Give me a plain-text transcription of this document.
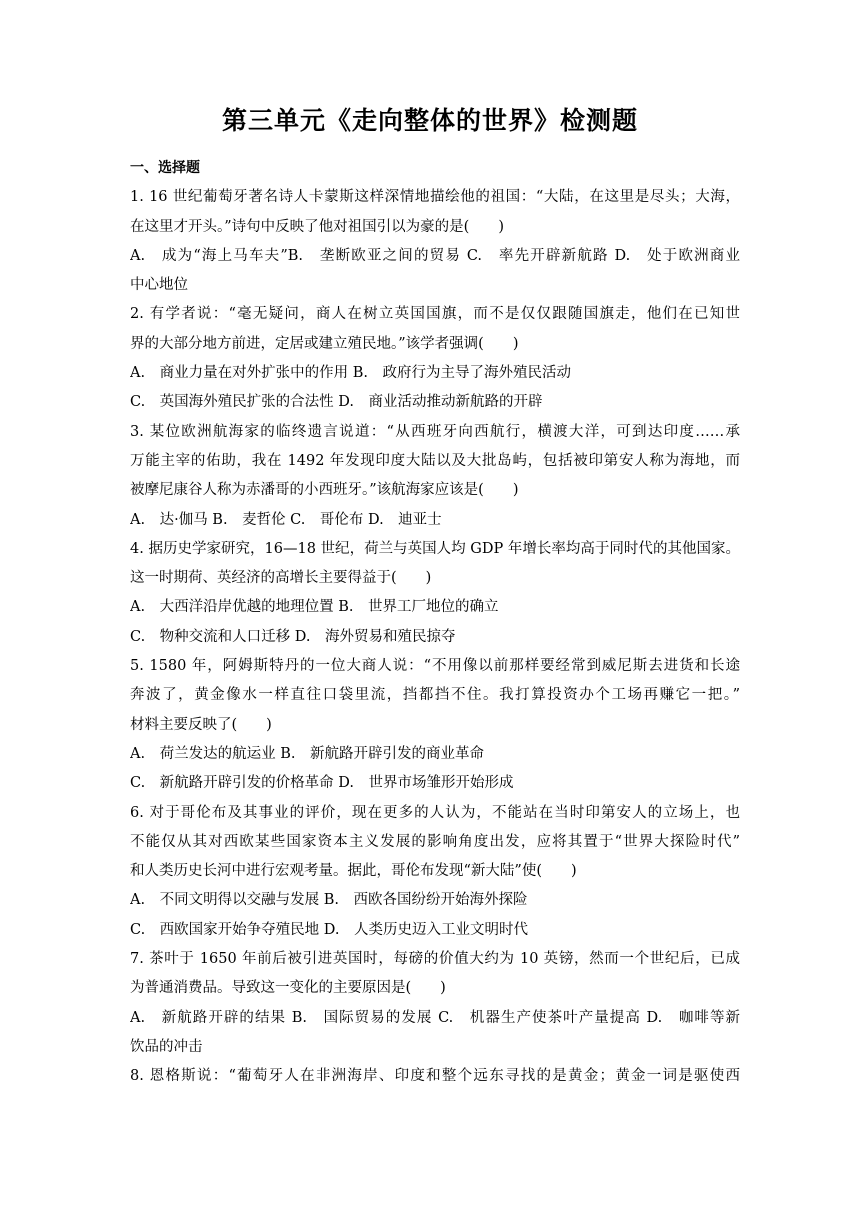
第三单元《走向整体的世界》检测题
一、选择题
1. 16 世纪葡萄牙著名诗人卡蒙斯这样深情地描绘他的祖国：“大陆，在这里是尽头；大海，
在这里才开头。”诗句中反映了他对祖国引以为豪的是(　　)
A.　成为“海上马车夫”B.　垄断欧亚之间的贸易 C.　率先开辟新航路 D.　处于欧洲商业
中心地位
2. 有学者说：“毫无疑问，商人在树立英国国旗，而不是仅仅跟随国旗走，他们在已知世
界的大部分地方前进，定居或建立殖民地。”该学者强调(　　)
A.　商业力量在对外扩张中的作用 B.　政府行为主导了海外殖民活动
C.　英国海外殖民扩张的合法性 D.　商业活动推动新航路的开辟
3. 某位欧洲航海家的临终遗言说道：“从西班牙向西航行，横渡大洋，可到达印度……承
万能主宰的佑助，我在 1492 年发现印度大陆以及大批岛屿，包括被印第安人称为海地，而
被摩尼康谷人称为赤潘哥的小西班牙。”该航海家应该是(　　)
A.　达·伽马 B.　麦哲伦 C.　哥伦布 D.　迪亚士
4. 据历史学家研究，16—18 世纪，荷兰与英国人均 GDP 年增长率均高于同时代的其他国家。
这一时期荷、英经济的高增长主要得益于(　　)
A.　大西洋沿岸优越的地理位置 B.　世界工厂地位的确立
C.　物种交流和人口迁移 D.　海外贸易和殖民掠夺
5. 1580 年，阿姆斯特丹的一位大商人说：“不用像以前那样要经常到威尼斯去进货和长途
奔波了，黄金像水一样直往口袋里流，挡都挡不住。我打算投资办个工场再赚它一把。”
材料主要反映了(　　)
A.　荷兰发达的航运业 B.　新航路开辟引发的商业革命
C.　新航路开辟引发的价格革命 D.　世界市场雏形开始形成
6. 对于哥伦布及其事业的评价，现在更多的人认为，不能站在当时印第安人的立场上，也
不能仅从其对西欧某些国家资本主义发展的影响角度出发，应将其置于“世界大探险时代”
和人类历史长河中进行宏观考量。据此，哥伦布发现“新大陆”使(　　)
A.　不同文明得以交融与发展 B.　西欧各国纷纷开始海外探险
C.　西欧国家开始争夺殖民地 D.　人类历史迈入工业文明时代
7. 茶叶于 1650 年前后被引进英国时，每磅的价值大约为 10 英镑，然而一个世纪后，已成
为普通消费品。导致这一变化的主要原因是(　　)
A.　新航路开辟的结果 B.　国际贸易的发展 C.　机器生产使茶叶产量提高 D.　咖啡等新
饮品的冲击
8. 恩格斯说：“葡萄牙人在非洲海岸、印度和整个远东寻找的是黄金；黄金一词是驱使西
